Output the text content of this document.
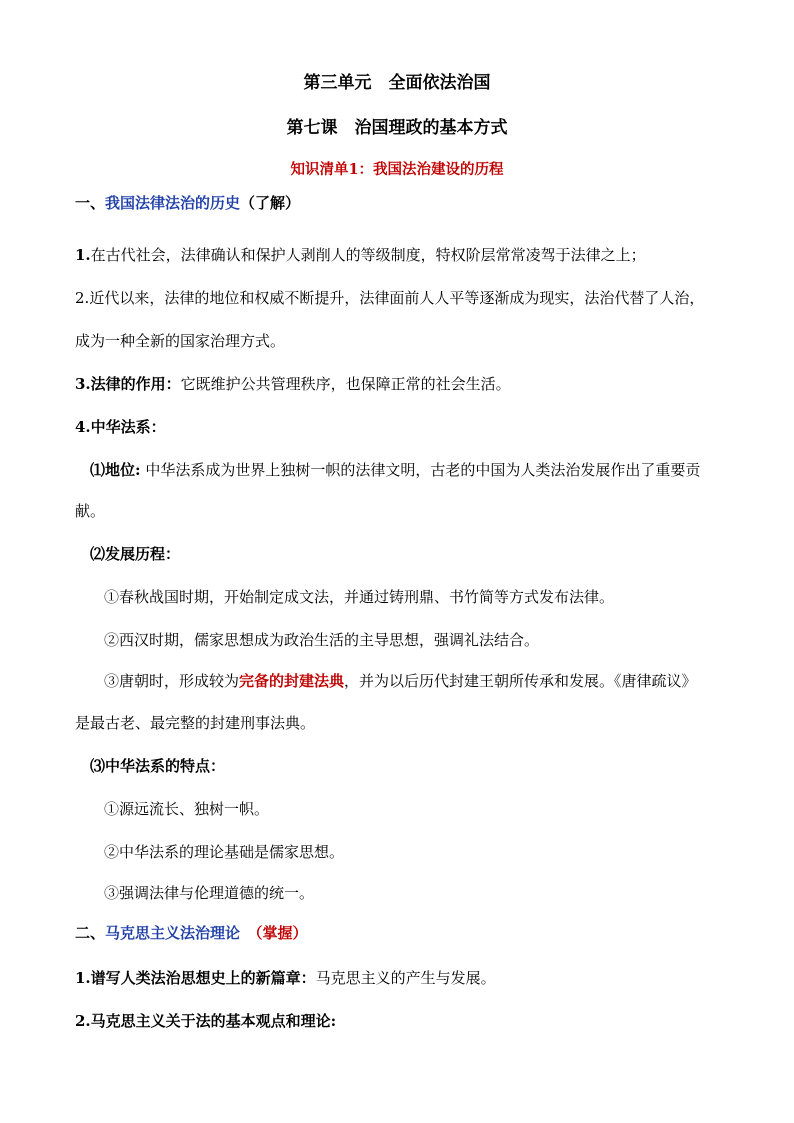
第三单元　全面依法治国
第七课　治国理政的基本方式
知识清单1：我国法治建设的历程
一、我国法律法治的历史（了解）
1.在古代社会，法律确认和保护人剥削人的等级制度，特权阶层常常凌驾于法律之上；
2.近代以来，法律的地位和权威不断提升，法律面前人人平等逐渐成为现实，法治代替了人治，
成为一种全新的国家治理方式。
3.法律的作用：它既维护公共管理秩序，也保障正常的社会生活。
4.中华法系：
⑴地位: 中华法系成为世界上独树一帜的法律文明，古老的中国为人类法治发展作出了重要贡
献。
⑵发展历程：
①春秋战国时期，开始制定成文法，并通过铸刑鼎、书竹简等方式发布法律。
②西汉时期，儒家思想成为政治生活的主导思想，强调礼法结合。
③唐朝时，形成较为完备的封建法典，并为以后历代封建王朝所传承和发展。《唐律疏议》
是最古老、最完整的封建刑事法典。
⑶中华法系的特点：
①源远流长、独树一帜。
②中华法系的理论基础是儒家思想。
③强调法律与伦理道德的统一。
二、马克思主义法治理论　（掌握）
1.谱写人类法治思想史上的新篇章：马克思主义的产生与发展。
2.马克思主义关于法的基本观点和理论:
